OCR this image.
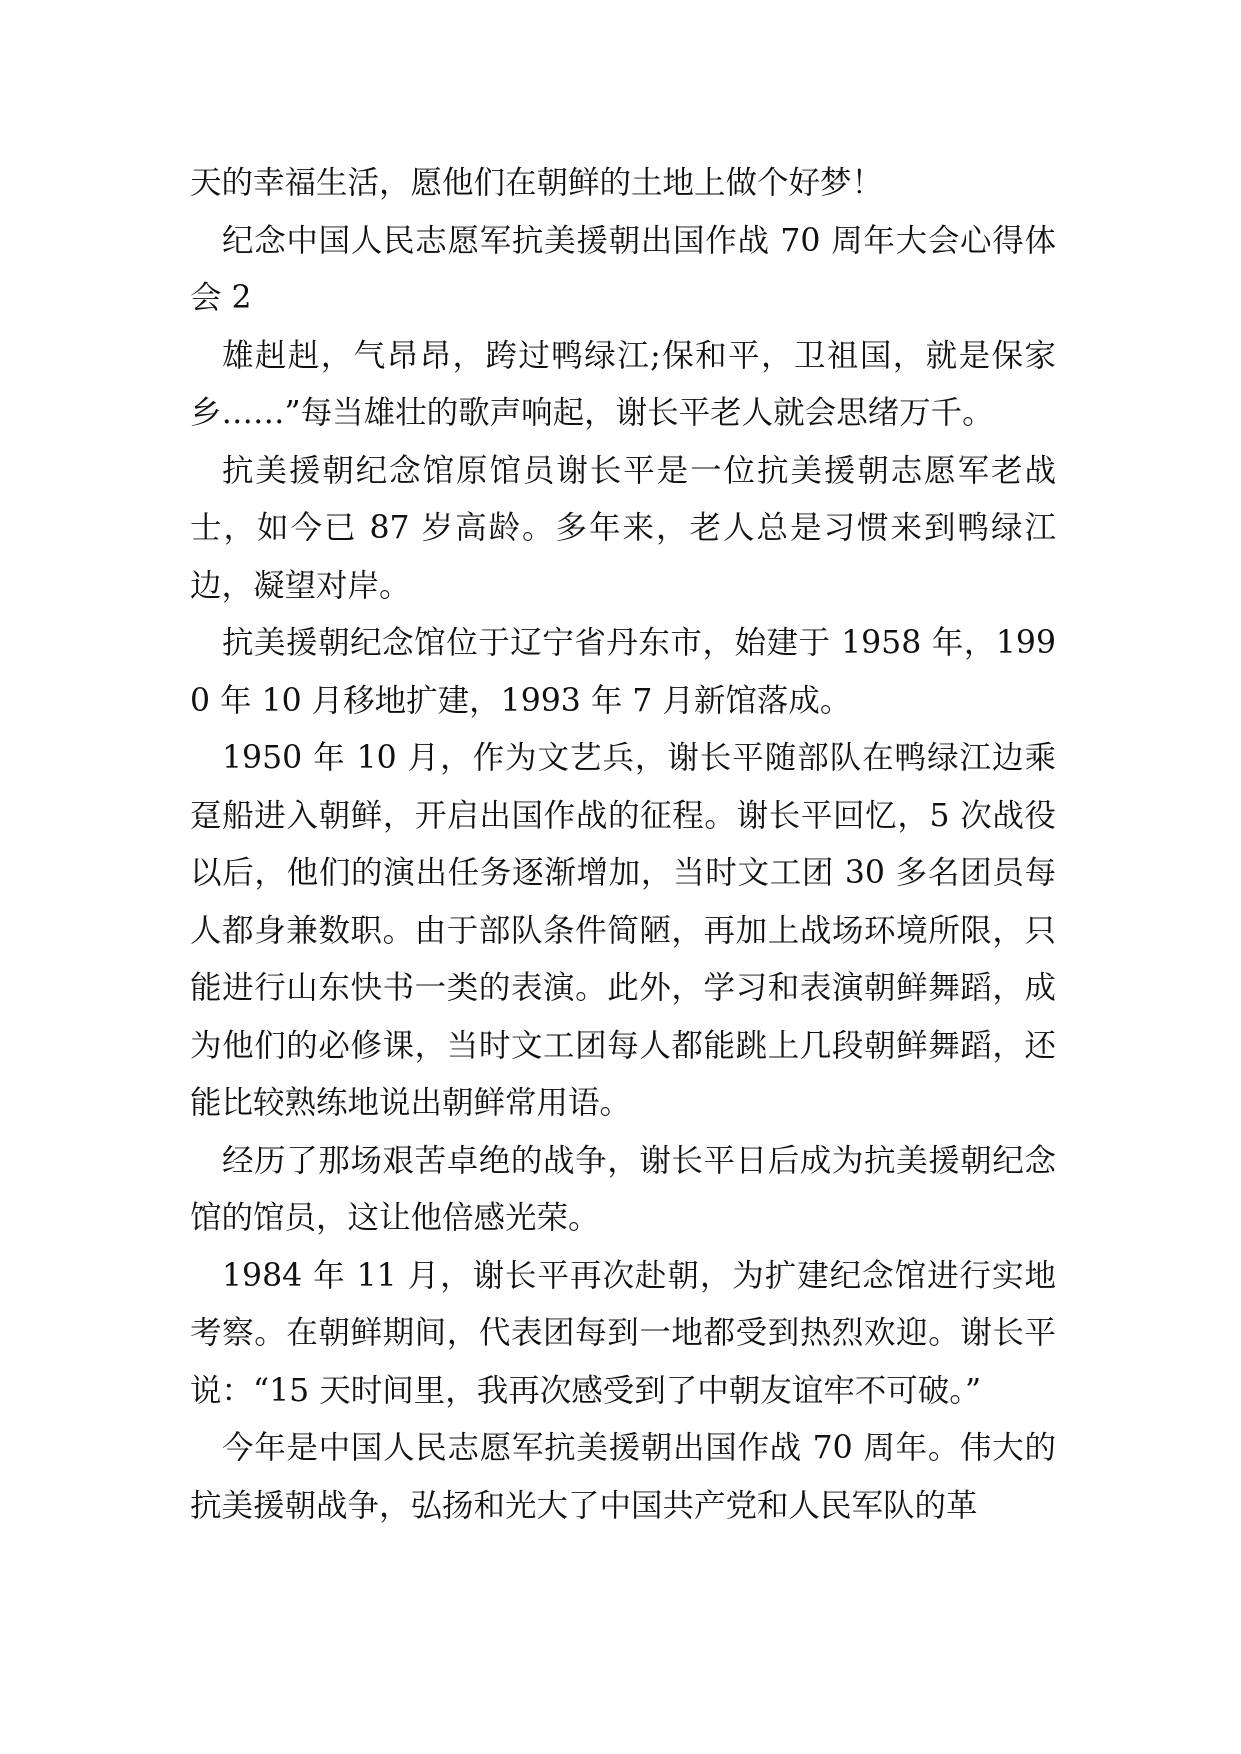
天的幸福生活，愿他们在朝鲜的土地上做个好梦！

纪念中国人民志愿军抗美援朝出国作战 70 周年大会心得体会 2

雄赳赳，气昂昂，跨过鸭绿江;保和平，卫祖国，就是保家乡……”每当雄壮的歌声响起，谢长平老人就会思绪万千。

抗美援朝纪念馆原馆员谢长平是一位抗美援朝志愿军老战士，如今已 87 岁高龄。多年来，老人总是习惯来到鸭绿江边，凝望对岸。

抗美援朝纪念馆位于辽宁省丹东市，始建于 1958 年，1990 年 10 月移地扩建，1993 年 7 月新馆落成。

1950 年 10 月，作为文艺兵，谢长平随部队在鸭绿江边乘趸船进入朝鲜，开启出国作战的征程。谢长平回忆，5 次战役以后，他们的演出任务逐渐增加，当时文工团 30 多名团员每人都身兼数职。由于部队条件简陋，再加上战场环境所限，只能进行山东快书一类的表演。此外，学习和表演朝鲜舞蹈，成为他们的必修课，当时文工团每人都能跳上几段朝鲜舞蹈，还能比较熟练地说出朝鲜常用语。

经历了那场艰苦卓绝的战争，谢长平日后成为抗美援朝纪念馆的馆员，这让他倍感光荣。

1984 年 11 月，谢长平再次赴朝，为扩建纪念馆进行实地考察。在朝鲜期间，代表团每到一地都受到热烈欢迎。谢长平说：“15 天时间里，我再次感受到了中朝友谊牢不可破。”

今年是中国人民志愿军抗美援朝出国作战 70 周年。伟大的抗美援朝战争，弘扬和光大了中国共产党和人民军队的革
